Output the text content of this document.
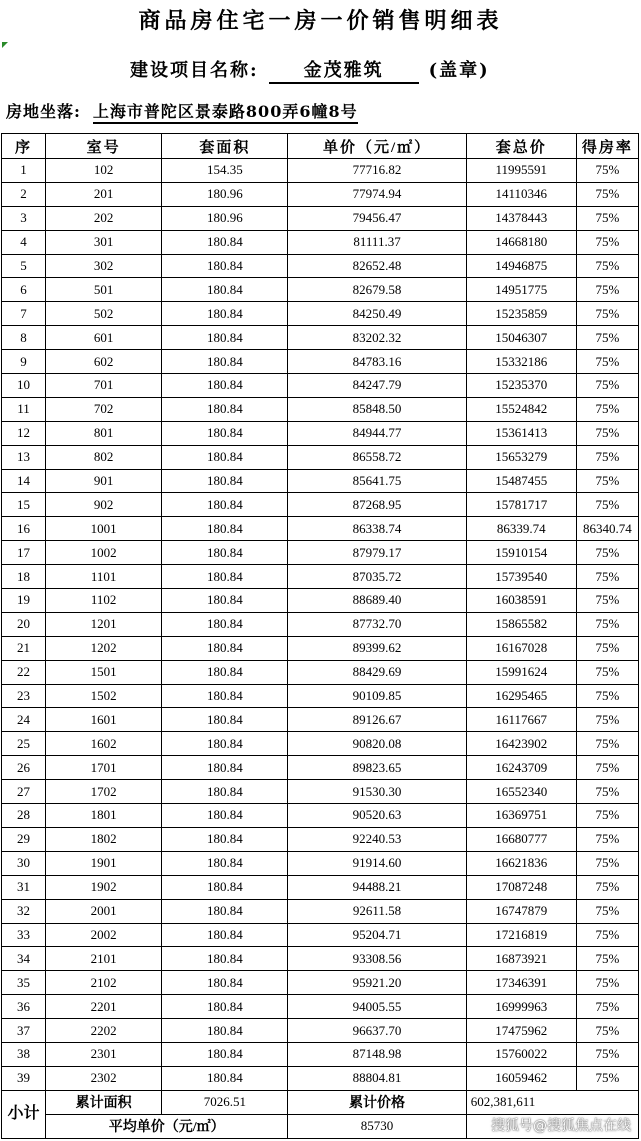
商品房住宅一房一价销售明细表
建设项目名称:	金茂雅筑	(盖章)
房地坐落: 上海市普陀区景泰路800弄6幢8号
序	室号	套面积	单价（元/㎡）	套总价	得房率
1	102	154.35	77716.82	11995591	75%
2	201	180.96	77974.94	14110346	75%
3	202	180.96	79456.47	14378443	75%
4	301	180.84	81111.37	14668180	75%
5	302	180.84	82652.48	14946875	75%
6	501	180.84	82679.58	14951775	75%
7	502	180.84	84250.49	15235859	75%
8	601	180.84	83202.32	15046307	75%
9	602	180.84	84783.16	15332186	75%
10	701	180.84	84247.79	15235370	75%
11	702	180.84	85848.50	15524842	75%
12	801	180.84	84944.77	15361413	75%
13	802	180.84	86558.72	15653279	75%
14	901	180.84	85641.75	15487455	75%
15	902	180.84	87268.95	15781717	75%
16	1001	180.84	86338.74	86339.74	86340.74
17	1002	180.84	87979.17	15910154	75%
18	1101	180.84	87035.72	15739540	75%
19	1102	180.84	88689.40	16038591	75%
20	1201	180.84	87732.70	15865582	75%
21	1202	180.84	89399.62	16167028	75%
22	1501	180.84	88429.69	15991624	75%
23	1502	180.84	90109.85	16295465	75%
24	1601	180.84	89126.67	16117667	75%
25	1602	180.84	90820.08	16423902	75%
26	1701	180.84	89823.65	16243709	75%
27	1702	180.84	91530.30	16552340	75%
28	1801	180.84	90520.63	16369751	75%
29	1802	180.84	92240.53	16680777	75%
30	1901	180.84	91914.60	16621836	75%
31	1902	180.84	94488.21	17087248	75%
32	2001	180.84	92611.58	16747879	75%
33	2002	180.84	95204.71	17216819	75%
34	2101	180.84	93308.56	16873921	75%
35	2102	180.84	95921.20	17346391	75%
36	2201	180.84	94005.55	16999963	75%
37	2202	180.84	96637.70	17475962	75%
38	2301	180.84	87148.98	15760022	75%
39	2302	180.84	88804.81	16059462	75%
小计	累计面积	7026.51	累计价格	602,381,611	
	平均单价（元/㎡）		85730			搜狐号@搜狐焦点在线
